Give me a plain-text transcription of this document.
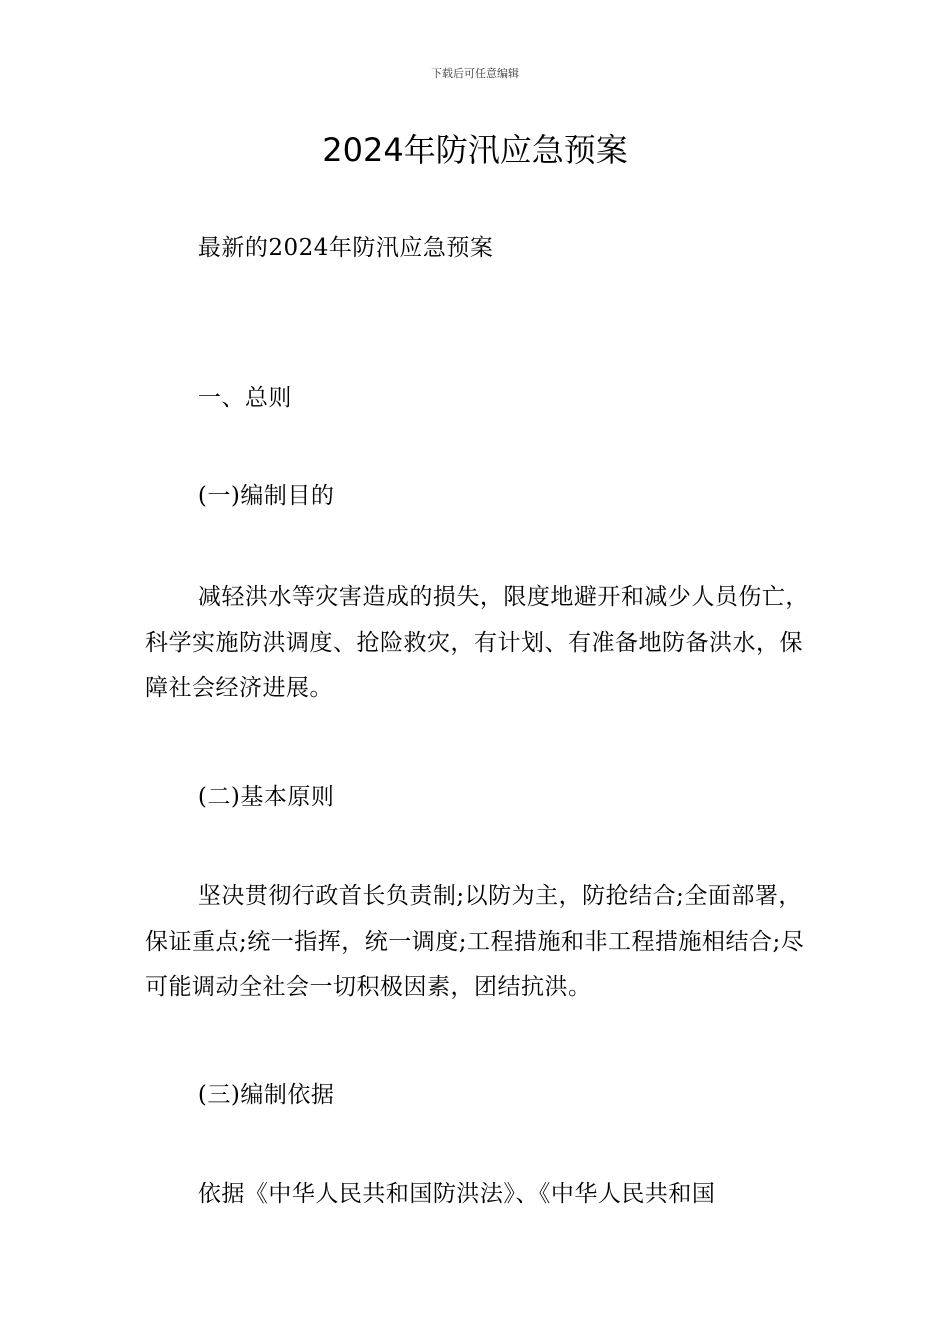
下载后可任意编辑
2024年防汛应急预案

最新的2024年防汛应急预案

一、总则

(一)编制目的

减轻洪水等灾害造成的损失，限度地避开和减少人员伤亡，科学实施防洪调度、抢险救灾，有计划、有准备地防备洪水，保障社会经济进展。

(二)基本原则

坚决贯彻行政首长负责制;以防为主，防抢结合;全面部署，保证重点;统一指挥，统一调度;工程措施和非工程措施相结合;尽可能调动全社会一切积极因素，团结抗洪。

(三)编制依据

依据《中华人民共和国防洪法》、《中华人民共和国
